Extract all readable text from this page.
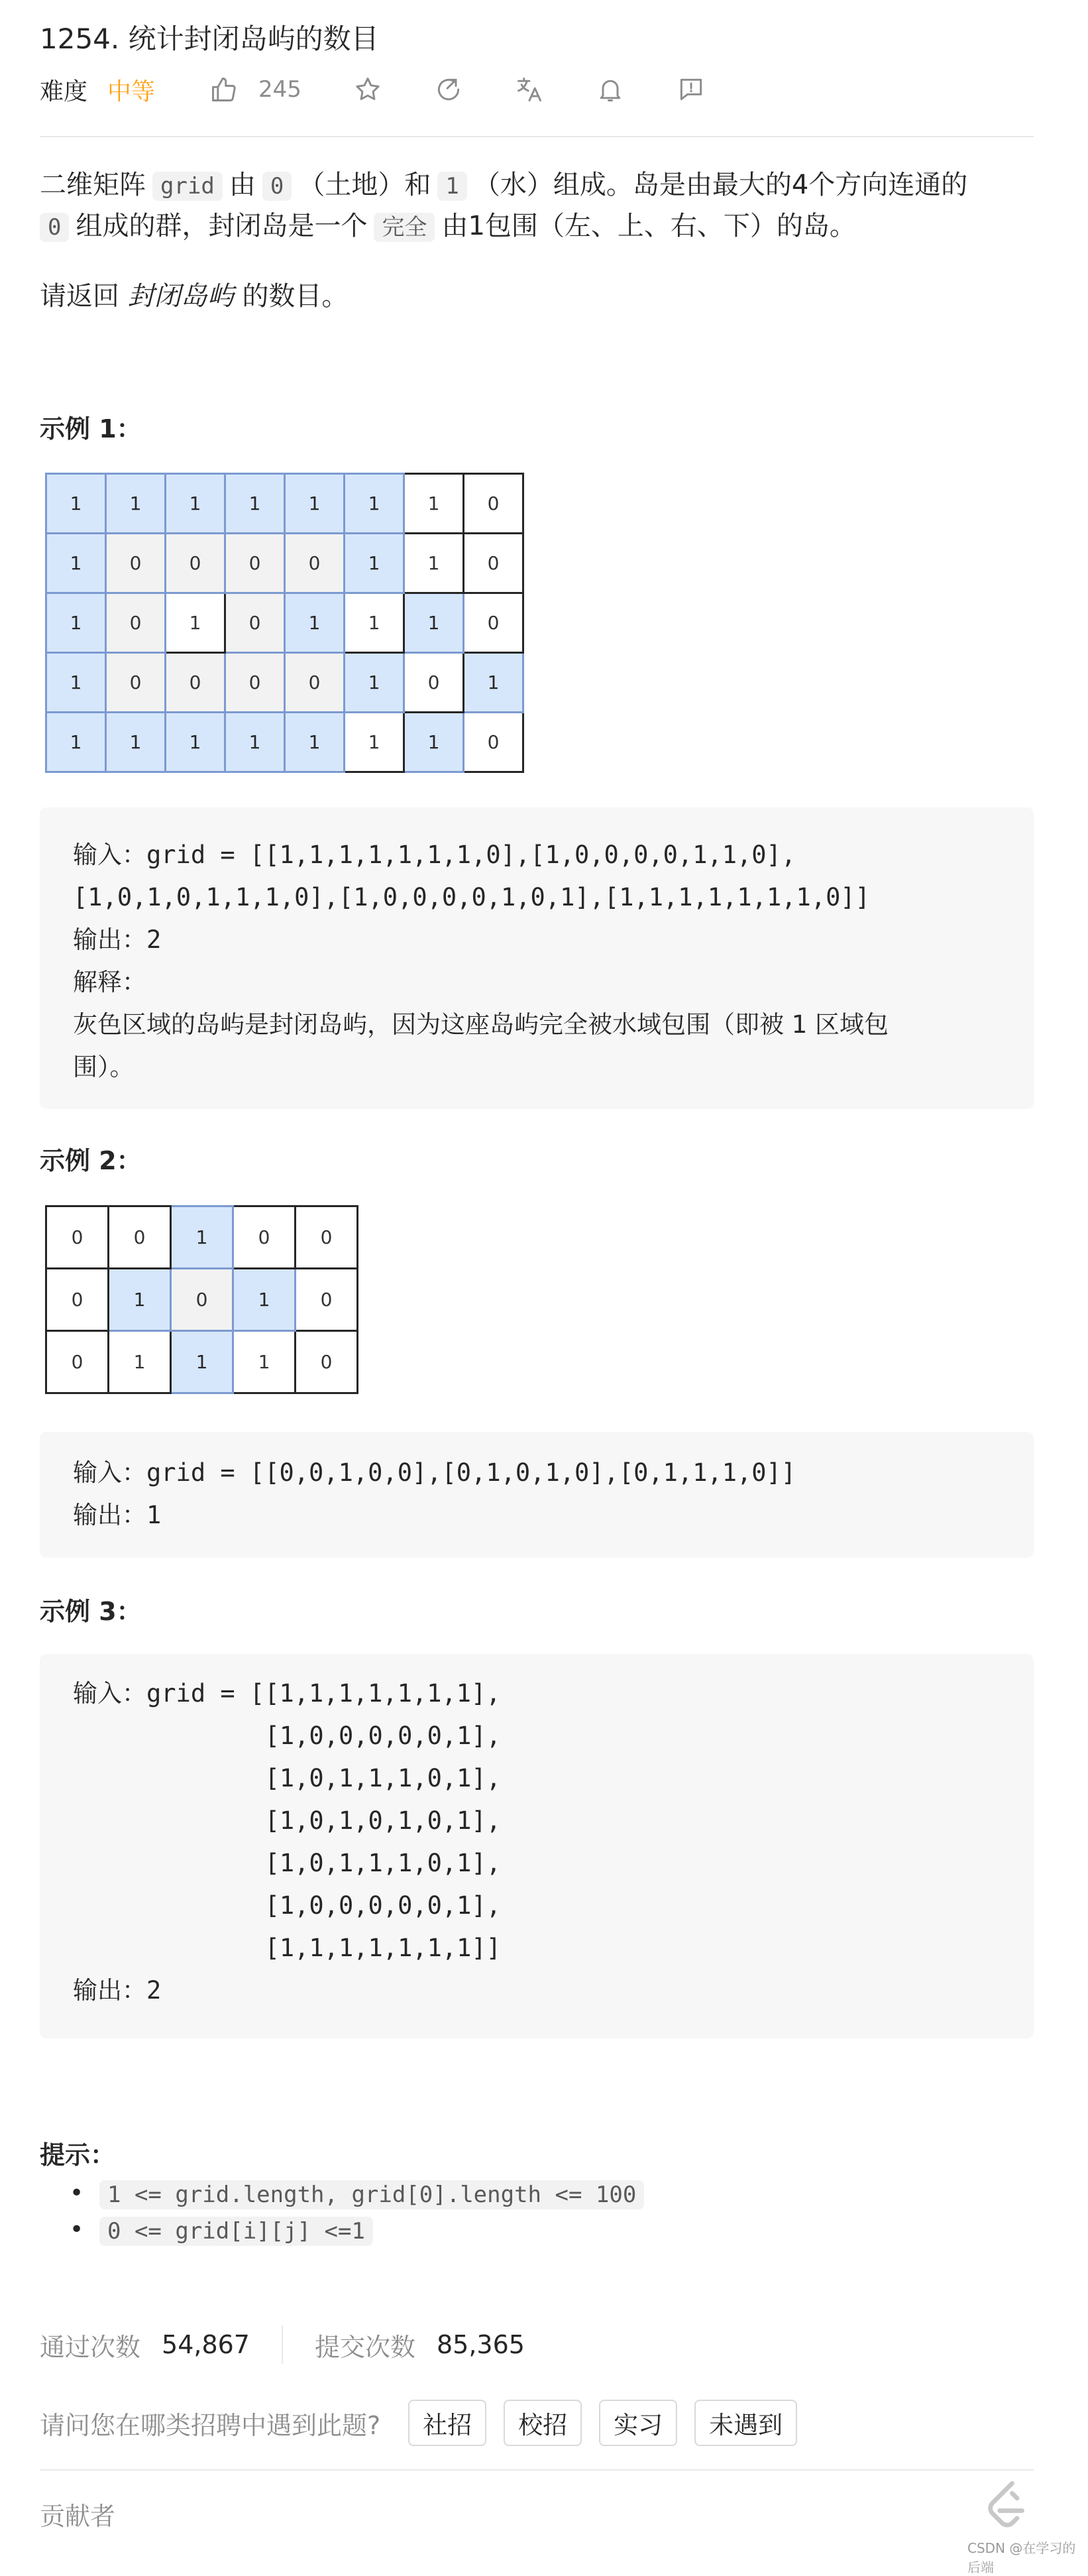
1254. 统计封闭岛屿的数目
难度 中等	245
二维矩阵 grid 由 0 （土地）和 1 （水）组成。岛是由最大的4个方向连通的
0 组成的群，封闭岛是一个 完全 由1包围（左、上、右、下）的岛。
请返回 封闭岛屿 的数目。
示例 1：
1	1	1	1	1	1	1	0
1	0	0	0	0	1	1	0
1	0	1	0	1	1	1	0
1	0	0	0	0	1	0	1
1	1	1	1	1	1	1	0
输入：grid = [[1,1,1,1,1,1,1,0],[1,0,0,0,0,1,1,0],
[1,0,1,0,1,1,1,0],[1,0,0,0,0,1,0,1],[1,1,1,1,1,1,1,0]]
输出：2
解释：
灰色区域的岛屿是封闭岛屿，因为这座岛屿完全被水域包围（即被 1 区域包
围）。
示例 2：
0	0	1	0	0
0	1	0	1	0
0	1	1	1	0
输入：grid = [[0,0,1,0,0],[0,1,0,1,0],[0,1,1,1,0]]
输出：1
示例 3：
输入：grid = [[1,1,1,1,1,1,1],
[1,0,0,0,0,0,1],
[1,0,1,1,1,0,1],
[1,0,1,0,1,0,1],
[1,0,1,1,1,0,1],
[1,0,0,0,0,0,1],
[1,1,1,1,1,1,1]]
输出：2
提示：
• 1 <= grid.length, grid[0].length <= 100
• 0 <= grid[i][j] <=1
通过次数 54,867	提交次数 85,365
请问您在哪类招聘中遇到此题?	社招	校招	实习	未遇到
贡献者
CSDN @在学习的后端
